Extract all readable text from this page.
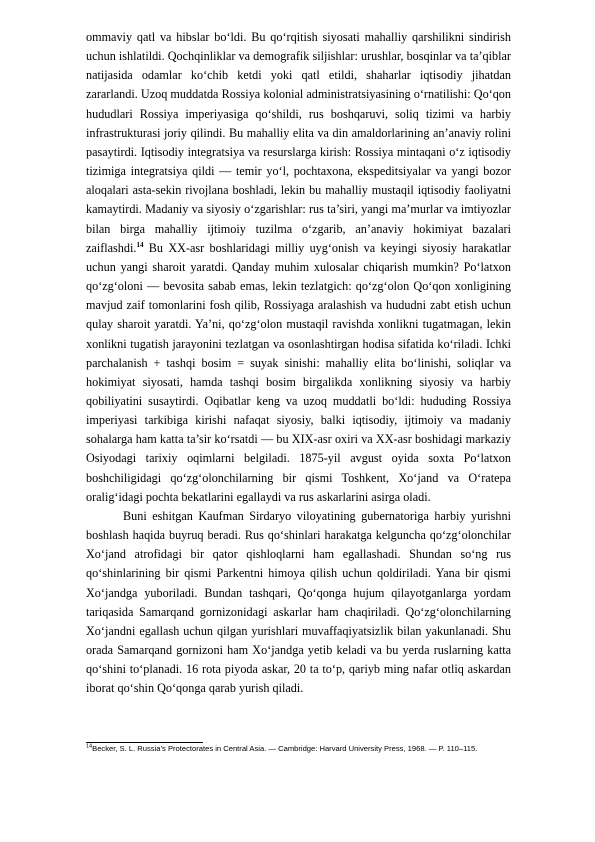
ommaviy qatl va hibslar bo‘ldi. Bu qo‘rqitish siyosati mahalliy qarshilikni sindirish uchun ishlatildi. Qochqinliklar va demografik siljishlar: urushlar, bosqinlar va ta’qiblar natijasida odamlar ko‘chib ketdi yoki qatl etildi, shaharlar iqtisodiy jihatdan zararlandi. Uzoq muddatda Rossiya kolonial administratsiyasining o‘rnatilishi: Qo‘qon hududlari Rossiya imperiyasiga qo‘shildi, rus boshqaruvi, soliq tizimi va harbiy infrastrukturasi joriy qilindi. Bu mahalliy elita va din amaldorlarining an’anaviy rolini pasaytirdi. Iqtisodiy integratsiya va resurslarga kirish: Rossiya mintaqani o‘z iqtisodiy tizimiga integratsiya qildi — temir yo‘l, pochtaxona, ekspeditsiyalar va yangi bozor aloqalari asta-sekin rivojlana boshladi, lekin bu mahalliy mustaqil iqtisodiy faoliyatni kamaytirdi. Madaniy va siyosiy o‘zgarishlar: rus ta’siri, yangi ma’murlar va imtiyozlar bilan birga mahalliy ijtimoiy tuzilma o‘zgarib, an’anaviy hokimiyat bazalari zaiflashdi.$^{14}$ Bu XX-asr boshlaridagi milliy uyg‘onish va keyingi siyosiy harakatlar uchun yangi sharoit yaratdi. Qanday muhim xulosalar chiqarish mumkin? Po‘latxon qo‘zg‘oloni — bevosita sabab emas, lekin tezlatgich: qo‘zg‘olon Qo‘qon xonligining mavjud zaif tomonlarini fosh qilib, Rossiyaga aralashish va hududni zabt etish uchun qulay sharoit yaratdi. Ya’ni, qo‘zg‘olon mustaqil ravishda xonlikni tugatmagan, lekin xonlikni tugatish jarayonini tezlatgan va osonlashtirgan hodisa sifatida ko‘riladi. Ichki parchalanish + tashqi bosim = suyak sinishi: mahalliy elita bo‘linishi, soliqlar va hokimiyat siyosati, hamda tashqi bosim birgalikda xonlikning siyosiy va harbiy qobiliyatini susaytirdi. Oqibatlar keng va uzoq muddatli bo‘ldi: hududing Rossiya imperiyasi tarkibiga kirishi nafaqat siyosiy, balki iqtisodiy, ijtimoiy va madaniy sohalarga ham katta ta’sir ko‘rsatdi — bu XIX-asr oxiri va XX-asr boshidagi markaziy Osiyodagi tarixiy oqimlarni belgiladi. 1875-yil avgust oyida soxta Po‘latxon boshchiligidagi qo‘zg‘olonchilarning bir qismi Toshkent, Xo‘jand va O‘ratepa oralig‘idagi pochta bekatlarini egallaydi va rus askarlarini asirga oladi.

Buni eshitgan Kaufman Sirdaryo viloyatining gubernatoriga harbiy yurishni boshlash haqida buyruq beradi. Rus qo‘shinlari harakatga kelguncha qo‘zg‘olonchilar Xo‘jand atrofidagi bir qator qishloqlarni ham egallashadi. Shundan so‘ng rus qo‘shinlarining bir qismi Parkentni himoya qilish uchun qoldiriladi. Yana bir qismi Xo‘jandga yuboriladi. Bundan tashqari, Qo‘qonga hujum qilayotganlarga yordam tariqasida Samarqand gornizonidagi askarlar ham chaqiriladi. Qo‘zg‘olonchilarning Xo‘jandni egallash uchun qilgan yurishlari muvaffaqiyatsizlik bilan yakunlanadi. Shu orada Samarqand gornizoni ham Xo‘jandga yetib keladi va bu yerda ruslarning katta qo‘shini to‘planadi. 16 rota piyoda askar, 20 ta to‘p, qariyb ming nafar otliq askardan iborat qo‘shin Qo‘qonga qarab yurish qiladi.

$^{14}$Becker, S. L. Russia’s Protectorates in Central Asia. — Cambridge: Harvard University Press, 1968. — P. 110–115.
